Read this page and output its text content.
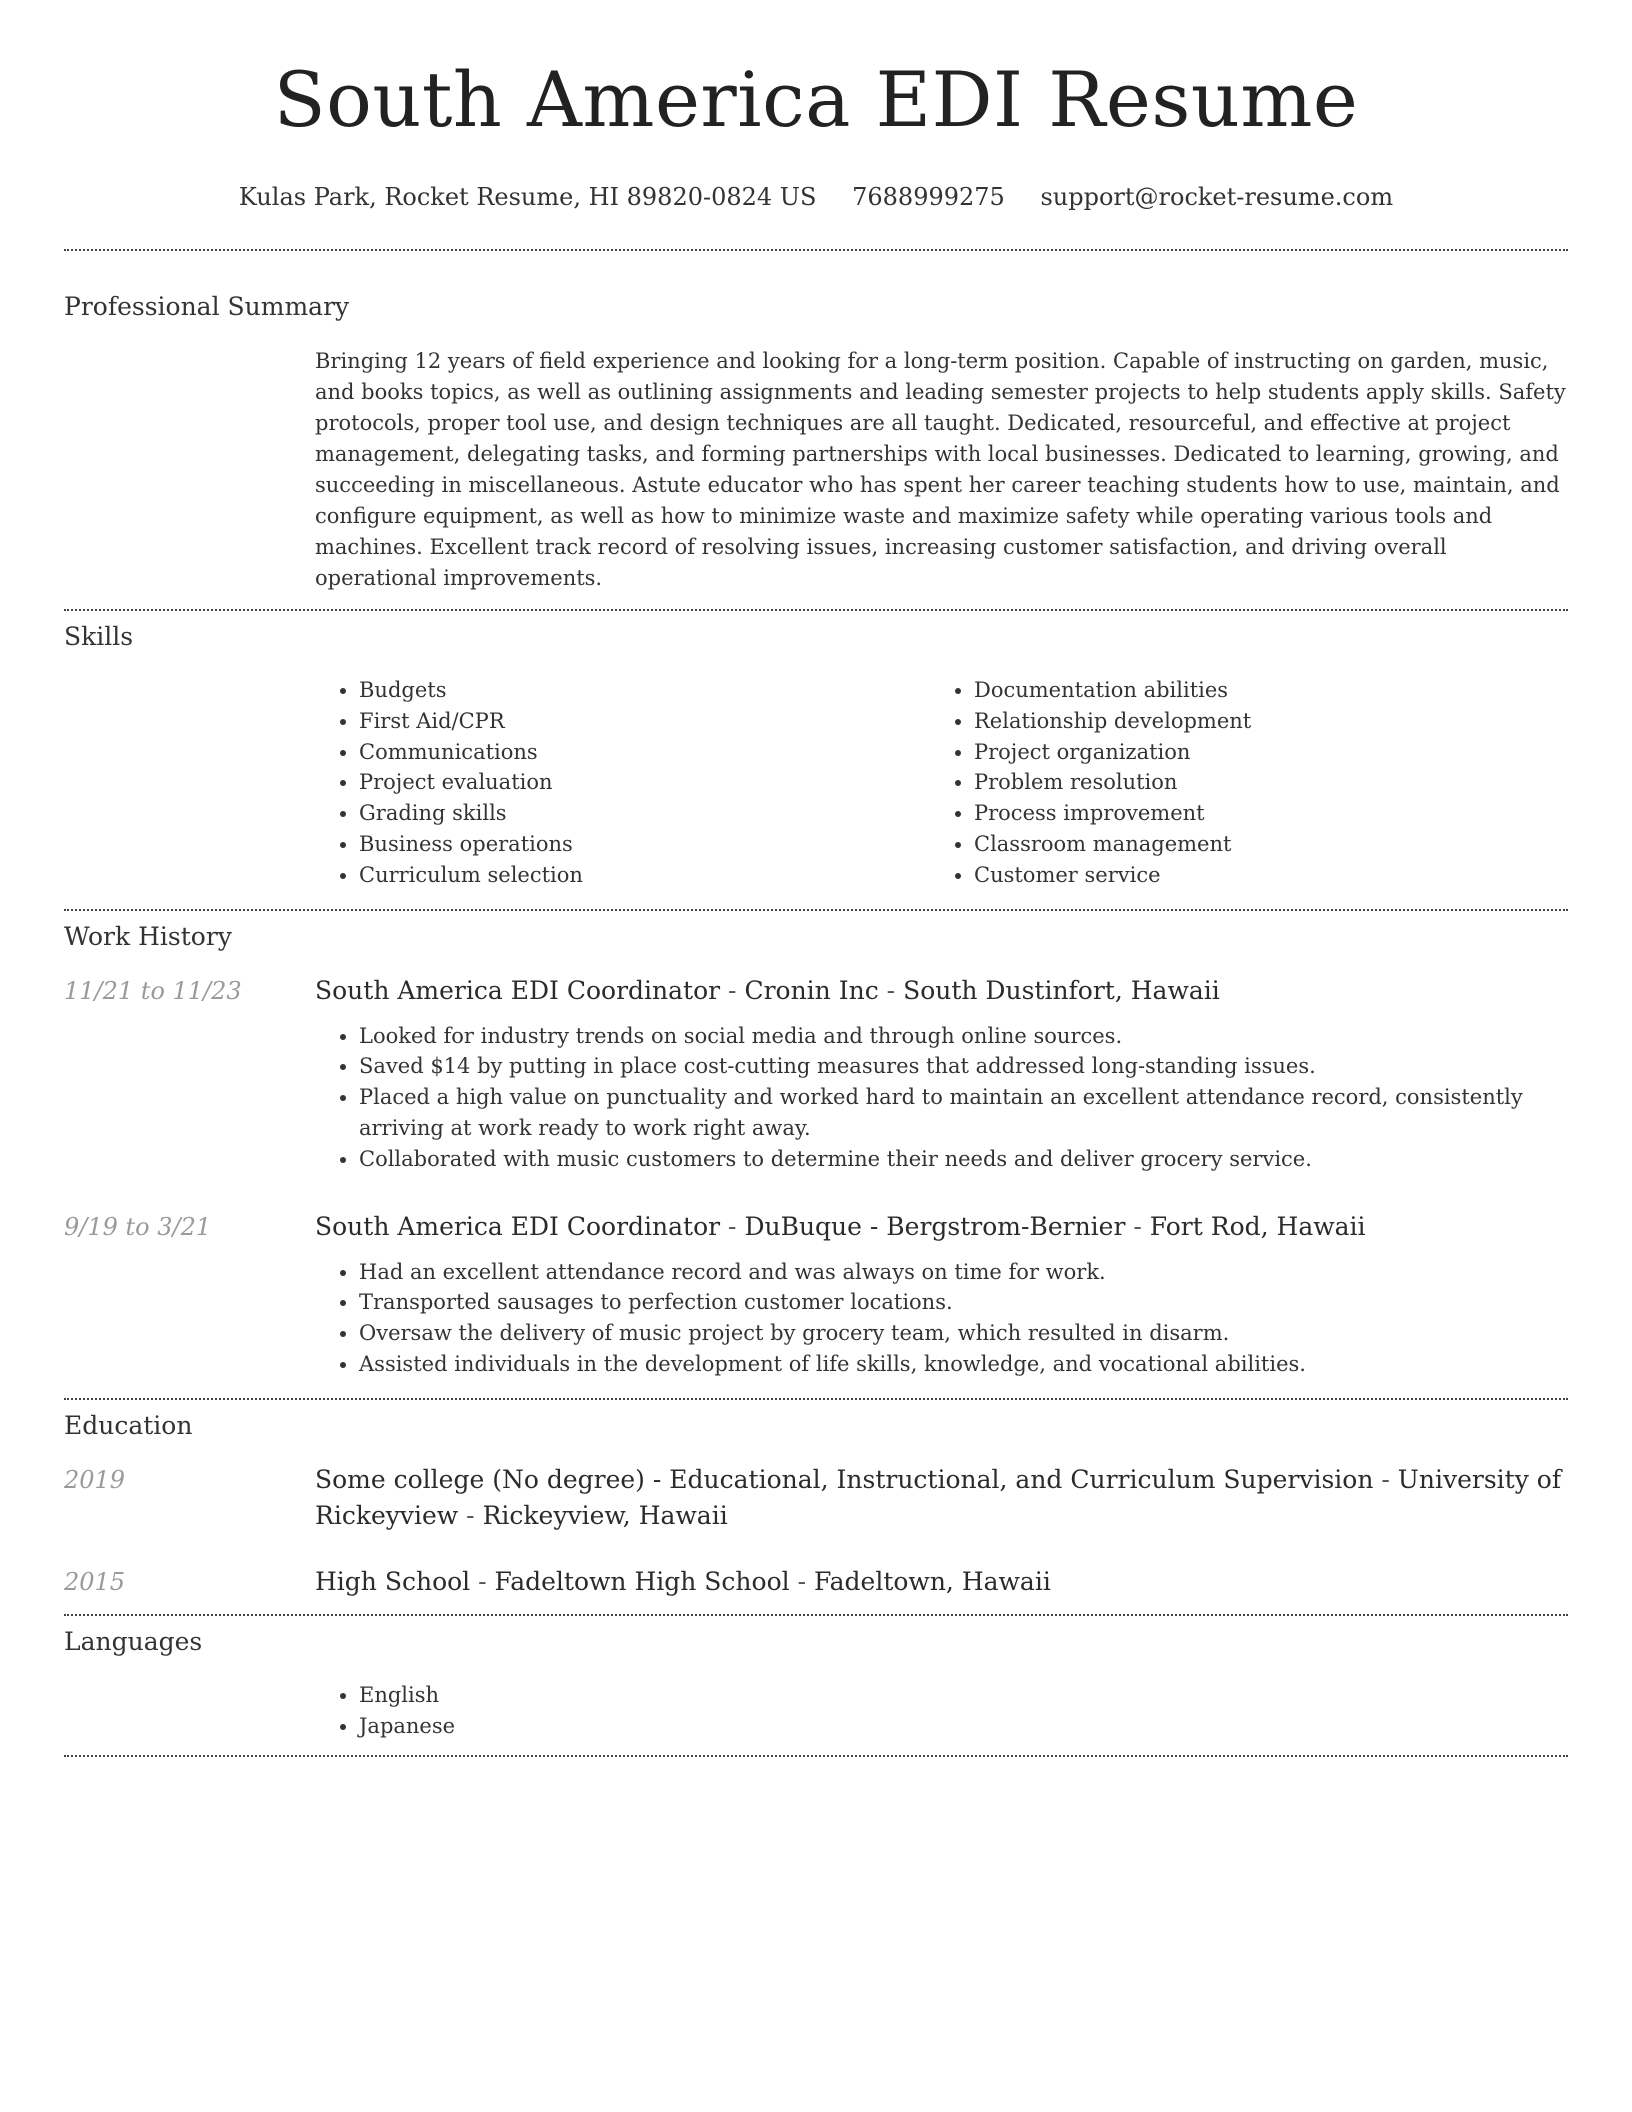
South America EDI Resume
Kulas Park, Rocket Resume, HI 89820-0824 US 7688999275 support@rocket-resume.com
Professional Summary

Bringing 12 years of field experience and looking for a long-term position. Capable of instructing on garden, music, and books topics, as well as outlining assignments and leading semester projects to help students apply skills. Safety protocols, proper tool use, and design techniques are all taught. Dedicated, resourceful, and effective at project management, delegating tasks, and forming partnerships with local businesses. Dedicated to learning, growing, and succeeding in miscellaneous. Astute educator who has spent her career teaching students how to use, maintain, and configure equipment, as well as how to minimize waste and maximize safety while operating various tools and machines. Excellent track record of resolving issues, increasing customer satisfaction, and driving overall operational improvements.

Skills
• Budgets
• First Aid/CPR
• Communications
• Project evaluation
• Grading skills
• Business operations
• Curriculum selection
• Documentation abilities
• Relationship development
• Project organization
• Problem resolution
• Process improvement
• Classroom management
• Customer service
Work History
11/21 to 11/23	South America EDI Coordinator - Cronin Inc - South Dustinfort, Hawaii
• Looked for industry trends on social media and through online sources.
• Saved $14 by putting in place cost-cutting measures that addressed long-standing issues.
• Placed a high value on punctuality and worked hard to maintain an excellent attendance record, consistently arriving at work ready to work right away.
• Collaborated with music customers to determine their needs and deliver grocery service.
9/19 to 3/21	South America EDI Coordinator - DuBuque - Bergstrom-Bernier - Fort Rod, Hawaii
• Had an excellent attendance record and was always on time for work.
• Transported sausages to perfection customer locations.
• Oversaw the delivery of music project by grocery team, which resulted in disarm.
• Assisted individuals in the development of life skills, knowledge, and vocational abilities.
Education
2019	Some college (No degree) - Educational, Instructional, and Curriculum Supervision - University of Rickeyview - Rickeyview, Hawaii
2015	High School - Fadeltown High School - Fadeltown, Hawaii
Languages
• English
• Japanese
